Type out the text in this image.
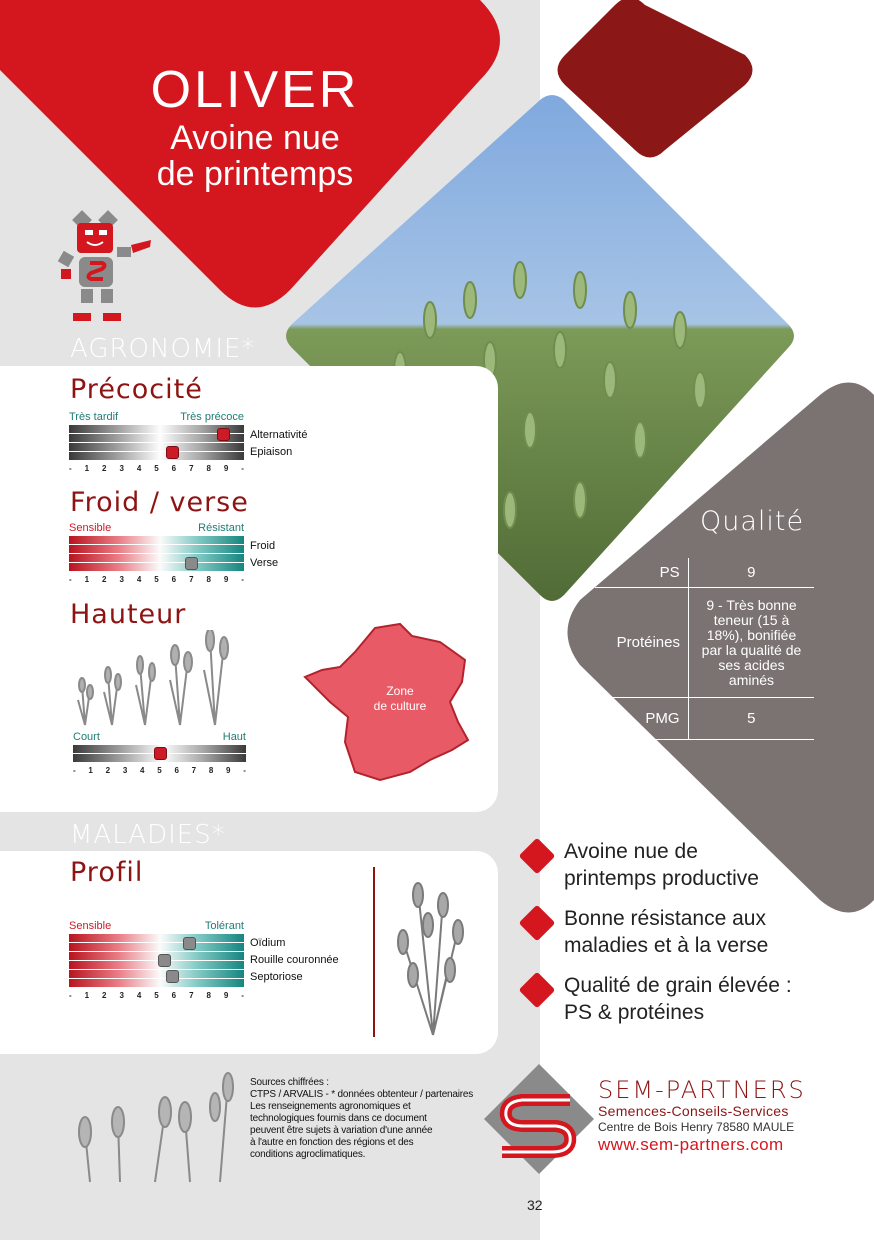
OLIVER
Avoine nue
de printemps
AGRONOMIE*
Précocité
Très tardif	Très précoce
- 1 2 3 4 5 6 7 8 9 -
Alternativité
Epiaison
Froid / verse
Sensible	Résistant
- 1 2 3 4 5 6 7 8 9 -
Froid
Verse
Hauteur
Court	Haut
- 1 2 3 4 5 6 7 8 9 -
Zone
de culture
MALADIES*
Profil
Sensible	Tolérant
- 1 2 3 4 5 6 7 8 9 -
Oïdium
Rouille couronnée
Septoriose
Qualité
PS	9
Protéines
9 - Très bonne teneur (15 à 18%), bonifiée par la qualité de ses acides aminés
PMG	5
Avoine nue de
printemps productive
Bonne résistance aux
maladies et à la verse
Qualité de grain élevée :
PS & protéines
Sources chiffrées :
CTPS / ARVALIS - * données obtenteur / partenaires
Les renseignements agronomiques et
technologiques fournis dans ce document
peuvent être sujets à variation d'une année
à l'autre en fonction des régions et des
conditions agroclimatiques.
SEM-PARTNERS
Semences-Conseils-Services
Centre de Bois Henry 78580 MAULE
www.sem-partners.com
32
